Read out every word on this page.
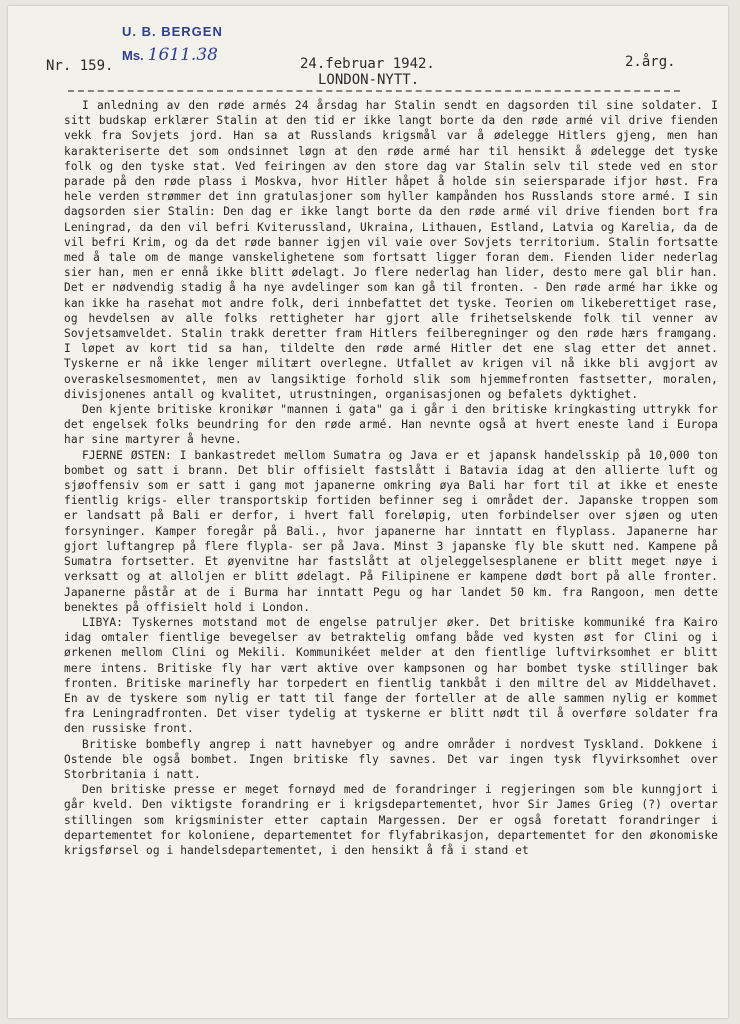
U. B. BERGEN
Ms. 1611.38
Nr. 159.	24.februar 1942.
LONDON-NYTT.
2.årg.

I anledning av den røde armés 24 årsdag har Stalin sendt en dagsorden til sine soldater. I sitt budskap erklærer Stalin at den tid er ikke langt borte da den røde armé vil drive fienden vekk fra Sovjets jord. Han sa at Russlands krigsmål var å ødelegge Hitlers gjeng, men han karakteriserte det som ondsinnet løgn at den røde armé har til hensikt å ødelegge det tyske folk og den tyske stat. Ved feiringen av den store dag var Stalin selv til stede ved en stor parade på den røde plass i Moskva, hvor Hitler håpet å holde sin seiersparade ifjor høst. Fra hele verden strømmer det inn gratulasjoner som hyller kampånden hos Russlands store armé. I sin dagsorden sier Stalin: Den dag er ikke langt borte da den røde armé vil drive fienden bort fra Leningrad, da den vil befri Kviterussland, Ukraina, Lithauen, Estland, Latvia og Karelia, da de vil befri Krim, og da det røde banner igjen vil vaie over Sovjets territorium. Stalin fortsatte med å tale om de mange vanskelighetene som fortsatt ligger foran dem. Fienden lider nederlag sier han, men er ennå ikke blitt ødelagt. Jo flere nederlag han lider, desto mere gal blir han. Det er nødvendig stadig å ha nye avdelinger som kan gå til fronten. - Den røde armé har ikke og kan ikke ha rasehat mot andre folk, deri innbefattet det tyske. Teorien om likeberettiget rase, og hevdelsen av alle folks rettigheter har gjort alle frihetselskende folk til venner av Sovjetsamveldet. Stalin trakk deretter fram Hitlers feilberegninger og den røde hærs framgang. I løpet av kort tid sa han, tildelte den røde armé Hitler det ene slag etter det annet. Tyskerne er nå ikke lenger militært overlegne. Utfallet av krigen vil nå ikke bli avgjort av overaskelsesmomentet, men av langsiktige forhold slik som hjemmefronten fastsetter, moralen, divisjonenes antall og kvalitet, utrustningen, organisasjonen og befalets dyktighet.

Den kjente britiske kronikør "mannen i gata" ga i går i den britiske kringkasting uttrykk for det engelsek folks beundring for den røde armé. Han nevnte også at hvert eneste land i Europa har sine martyrer å hevne.

FJERNE ØSTEN: I bankastredet mellom Sumatra og Java er et japansk handelsskip på 10,000 ton bombet og satt i brann. Det blir offisielt fastslått i Batavia idag at den allierte luft og sjøoffensiv som er satt i gang mot japanerne omkring øya Bali har fort til at ikke et eneste fientlig krigs- eller transportskip fortiden befinner seg i området der. Japanske troppen som er landsatt på Bali er derfor, i hvert fall foreløpig, uten forbindelser over sjøen og uten forsyninger. Kamper foregår på Bali., hvor japanerne har inntatt en flyplass. Japanerne har gjort luftangrep på flere flypla- ser på Java. Minst 3 japanske fly ble skutt ned. Kampene på Sumatra fortsetter. Et øyenvitne har fastslått at oljeleggelsesplanene er blitt meget nøye i verksatt og at alloljen er blitt ødelagt. På Filipinene er kampene dødt bort på alle fronter. Japanerne påstår at de i Burma har inntatt Pegu og har landet 50 km. fra Rangoon, men dette benektes på offisielt hold i London.

LIBYA: Tyskernes motstand mot de engelse patruljer øker. Det britiske kommuniké fra Kairo idag omtaler fientlige bevegelser av betraktelig omfang både ved kysten øst for Clini og i ørkenen mellom Clini og Mekili. Kommunikéet melder at den fientlige luftvirksomhet er blitt mere intens. Britiske fly har vært aktive over kampsonen og har bombet tyske stillinger bak fronten. Britiske marinefly har torpedert en fientlig tankbåt i den miltre del av Middelhavet. En av de tyskere som nylig er tatt til fange der forteller at de alle sammen nylig er kommet fra Leningradfronten. Det viser tydelig at tyskerne er blitt nødt til å overføre soldater fra den russiske front.

Britiske bombefly angrep i natt havnebyer og andre områder i nordvest Tyskland. Dokkene i Ostende ble også bombet. Ingen britiske fly savnes. Det var ingen tysk flyvirksomhet over Storbritania i natt.

Den britiske presse er meget fornøyd med de forandringer i regjeringen som ble kunngjort i går kveld. Den viktigste forandring er i krigsdepartementet, hvor Sir James Grieg (?) overtar stillingen som krigsminister etter captain Margessen. Der er også foretatt forandringer i departementet for koloniene, departementet for flyfabrikasjon, departementet for den økonomiske krigsførsel og i handelsdepartementet, i den hensikt å få i stand et
